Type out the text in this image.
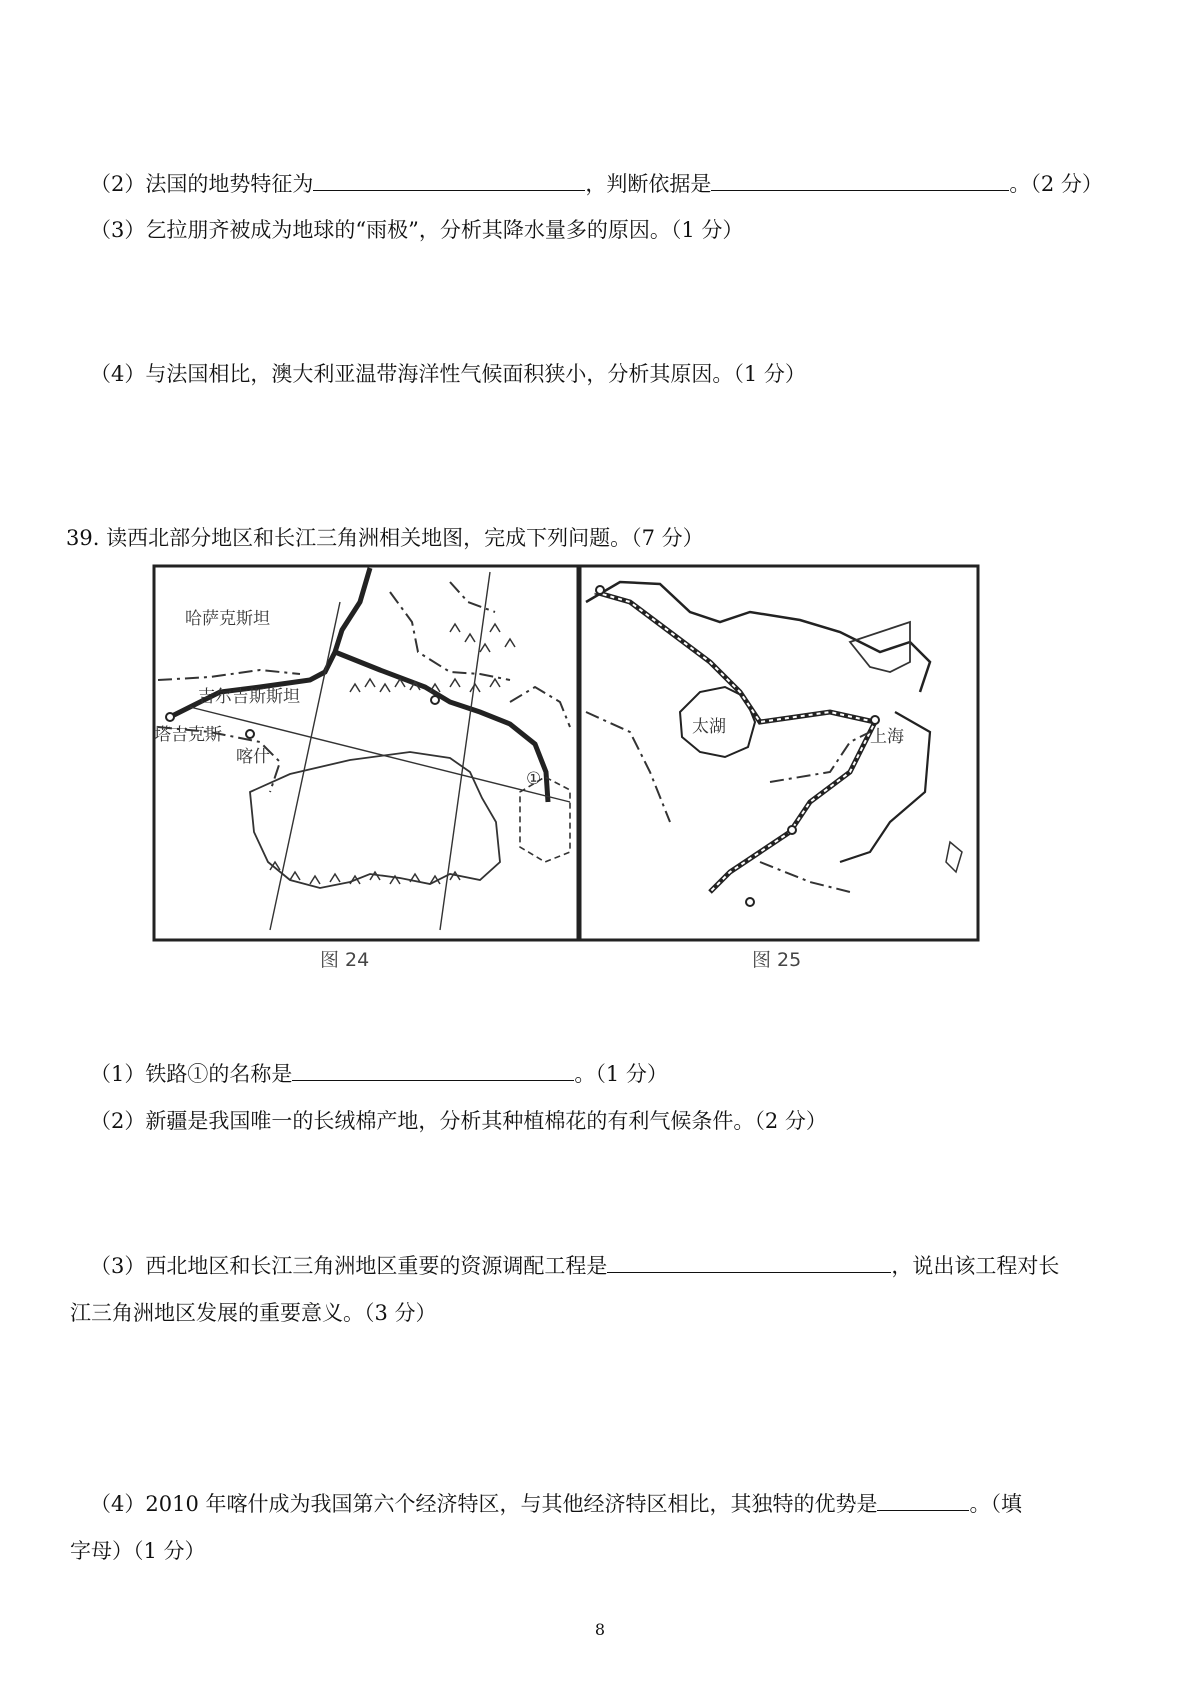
（2）法国的地势特征为	，判断依据是	。（2 分）
（3）乞拉朋齐被成为地球的“雨极”，分析其降水量多的原因。（1 分）
（4）与法国相比，澳大利亚温带海洋性气候面积狭小，分析其原因。（1 分）
39. 读西北部分地区和长江三角洲相关地图，完成下列问题。（7 分）
哈萨克斯坦
吉尔吉斯斯坦
塔吉克斯
喀什
①
图 24
太湖	上海
图 25
（1）铁路①的名称是	。（1 分）
（2）新疆是我国唯一的长绒棉产地，分析其种植棉花的有利气候条件。（2 分）
（3）西北地区和长江三角洲地区重要的资源调配工程是	，说出该工程对长
江三角洲地区发展的重要意义。（3 分）
（4）2010 年喀什成为我国第六个经济特区，与其他经济特区相比，其独特的优势是	。（填
字母）（1 分）
8
